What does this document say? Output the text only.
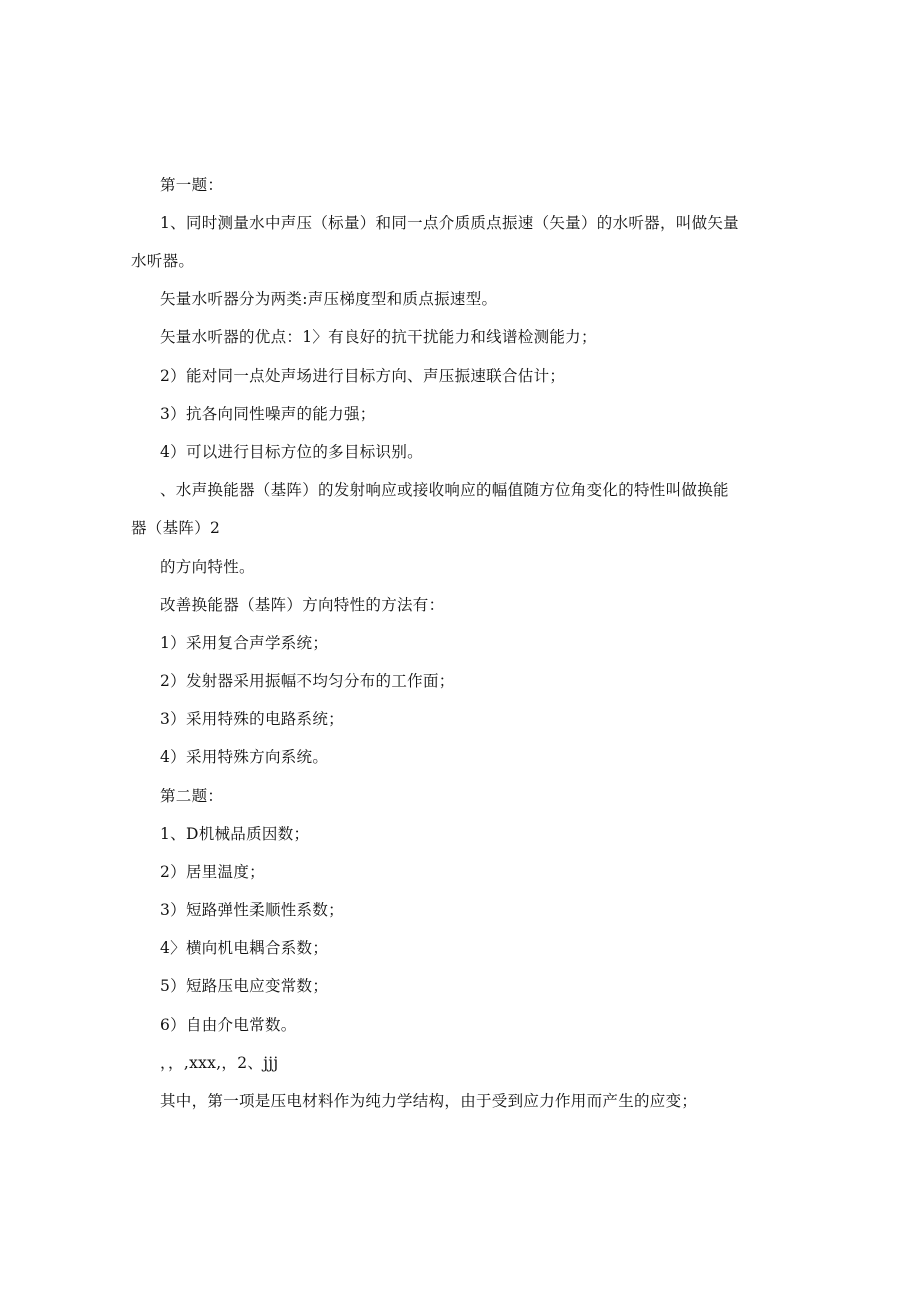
第一题：
1、同时测量水中声压（标量）和同一点介质质点振速（矢量）的水听器，叫做矢量
水听器。
矢量水听器分为两类:声压梯度型和质点振速型。
矢量水听器的优点：1〉有良好的抗干扰能力和线谱检测能力；
2）能对同一点处声场进行目标方向、声压振速联合估计；
3）抗各向同性噪声的能力强；
4）可以进行目标方位的多目标识别。
、水声换能器（基阵）的发射响应或接收响应的幅值随方位角变化的特性叫做换能
器（基阵）2
的方向特性。
改善换能器（基阵）方向特性的方法有：
1）采用复合声学系统；
2）发射器采用振幅不均匀分布的工作面；
3）采用特殊的电路系统；
4）采用特殊方向系统。
第二题：
1、D机械品质因数；
2）居里温度；
3）短路弹性柔顺性系数；
4〉横向机电耦合系数；
5）短路压电应变常数；
6）自由介电常数。
，，,xxx,，2、jjj
其中，第一项是压电材料作为纯力学结构，由于受到应力作用而产生的应变；
